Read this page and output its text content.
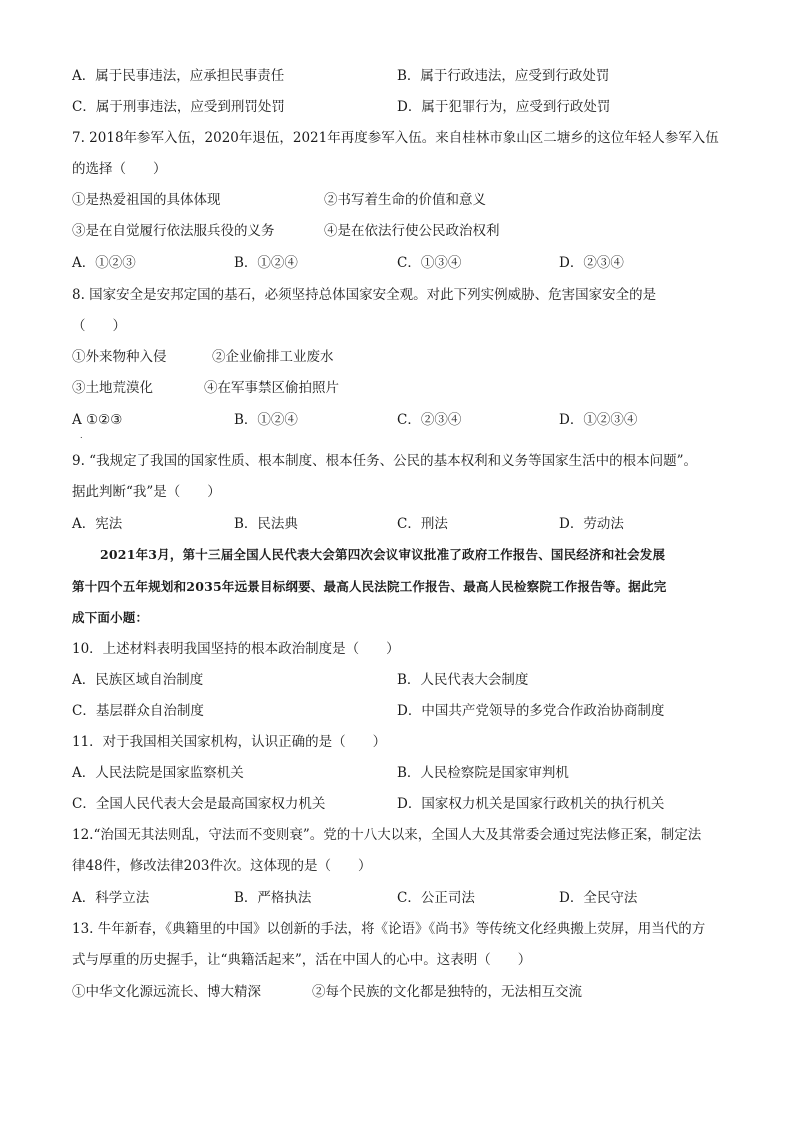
A．属于民事违法，应承担民事责任	B．属于行政违法，应受到行政处罚
C．属于刑事违法，应受到刑罚处罚	D．属于犯罪行为，应受到行政处罚
7. 2018年参军入伍，2020年退伍，2021年再度参军入伍。来自桂林市象山区二塘乡的这位年轻人参军入伍
的选择（　　）
①是热爱祖国的具体体现	②书写着生命的价值和意义
③是在自觉履行依法服兵役的义务	④是在依法行使公民政治权利
A．①②③	B．①②④	C．①③④	D．②③④
8. 国家安全是安邦定国的基石，必须坚持总体国家安全观。对此下列实例威胁、危害国家安全的是
（　　）
①外来物种入侵	②企业偷排工业废水
③土地荒漠化	④在军事禁区偷拍照片
A ①②③	B．①②④	C．②③④	D．①②③④
.
9. “我规定了我国的国家性质、根本制度、根本任务、公民的基本权利和义务等国家生活中的根本问题”。
据此判断“我”是（　　）
A．宪法	B．民法典	C．刑法	D．劳动法
2021年3月，第十三届全国人民代表大会第四次会议审议批准了政府工作报告、国民经济和社会发展
第十四个五年规划和2035年远景目标纲要、最高人民法院工作报告、最高人民检察院工作报告等。据此完
成下面小题：
10．上述材料表明我国坚持的根本政治制度是（　　）
A．民族区域自治制度	B．人民代表大会制度
C．基层群众自治制度	D．中国共产党领导的多党合作政治协商制度
11．对于我国相关国家机构，认识正确的是（　　）
A．人民法院是国家监察机关	B．人民检察院是国家审判机
C．全国人民代表大会是最高国家权力机关	D．国家权力机关是国家行政机关的执行机关
12.“治国无其法则乱，守法而不变则衰”。党的十八大以来，全国人大及其常委会通过宪法修正案，制定法
律48件，修改法律203件次。这体现的是（　　）
A．科学立法	B．严格执法	C．公正司法	D．全民守法
13. 牛年新春，《典籍里的中国》以创新的手法，将《论语》《尚书》等传统文化经典搬上荧屏，用当代的方
式与厚重的历史握手，让“典籍活起来”，活在中国人的心中。这表明（　　）
①中华文化源远流长、博大精深	②每个民族的文化都是独特的，无法相互交流
